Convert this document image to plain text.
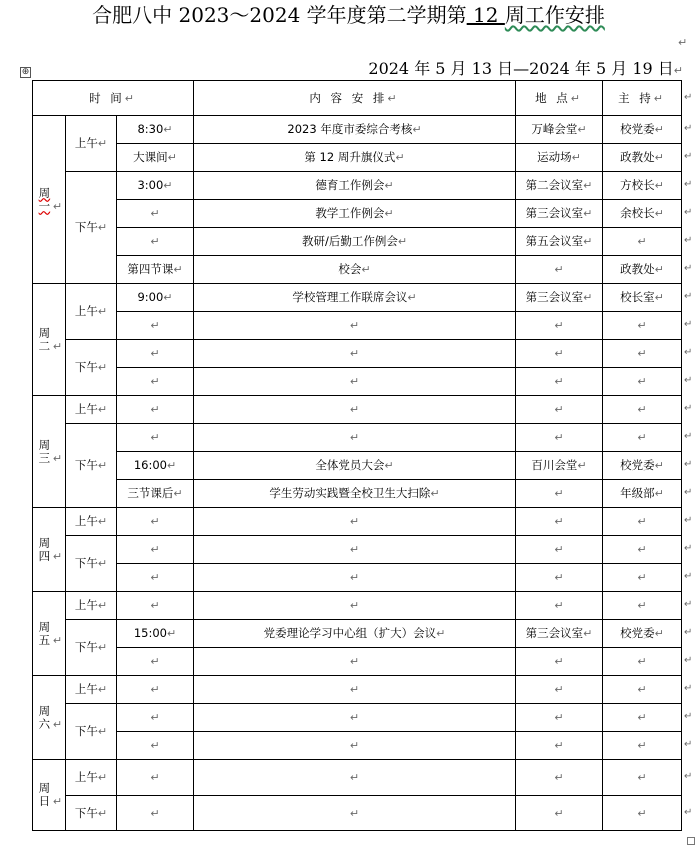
合肥八中 2023～2024 学年度第二学期第 12 周工作安排
↵
⊕	2024 年 5 月 13 日—2024 年 5 月 19 日↵
时 间↵			内 容 安 排↵	地 点↵	主 持↵
周一 ↵	上午↵	8:30↵	2023 年度市委综合考核↵	万峰会堂↵	校党委↵
		大课间↵	第 12 周升旗仪式↵	运动场↵	政教处↵
	下午↵	3:00↵	德育工作例会↵	第二会议室↵	方校长↵
		↵	教学工作例会↵	第三会议室↵	余校长↵
		↵	教研/后勤工作例会↵	第五会议室↵	↵
		第四节课↵	校会↵	↵	政教处↵
周二 ↵	上午↵	9:00↵	学校管理工作联席会议↵	第三会议室↵	校长室↵
		↵	↵	↵	↵
	下午↵	↵	↵	↵	↵
		↵	↵	↵	↵
周三 ↵	上午↵	↵	↵	↵	↵
	下午↵	↵	↵	↵	↵
		16:00↵	全体党员大会↵	百川会堂↵	校党委↵
		三节课后↵	学生劳动实践暨全校卫生大扫除↵	↵	年级部↵
周四 ↵	上午↵	↵	↵	↵	↵
	下午↵	↵	↵	↵	↵
		↵	↵	↵	↵
周五 ↵	上午↵	↵	↵	↵	↵
	下午↵	15:00↵	党委理论学习中心组（扩大）会议↵	第三会议室↵	校党委↵
		↵	↵	↵	↵
周六 ↵	上午↵	↵	↵	↵	↵
	下午↵	↵	↵	↵	↵
		↵	↵	↵	↵
周日 ↵	上午↵	↵	↵	↵	↵
	下午↵	↵	↵	↵	↵
↵
↵
↵
↵
↵
↵
↵
↵
↵
↵
↵
↵
↵
↵
↵
↵
↵
↵
↵
↵
↵
↵
↵
↵
↵
↵
